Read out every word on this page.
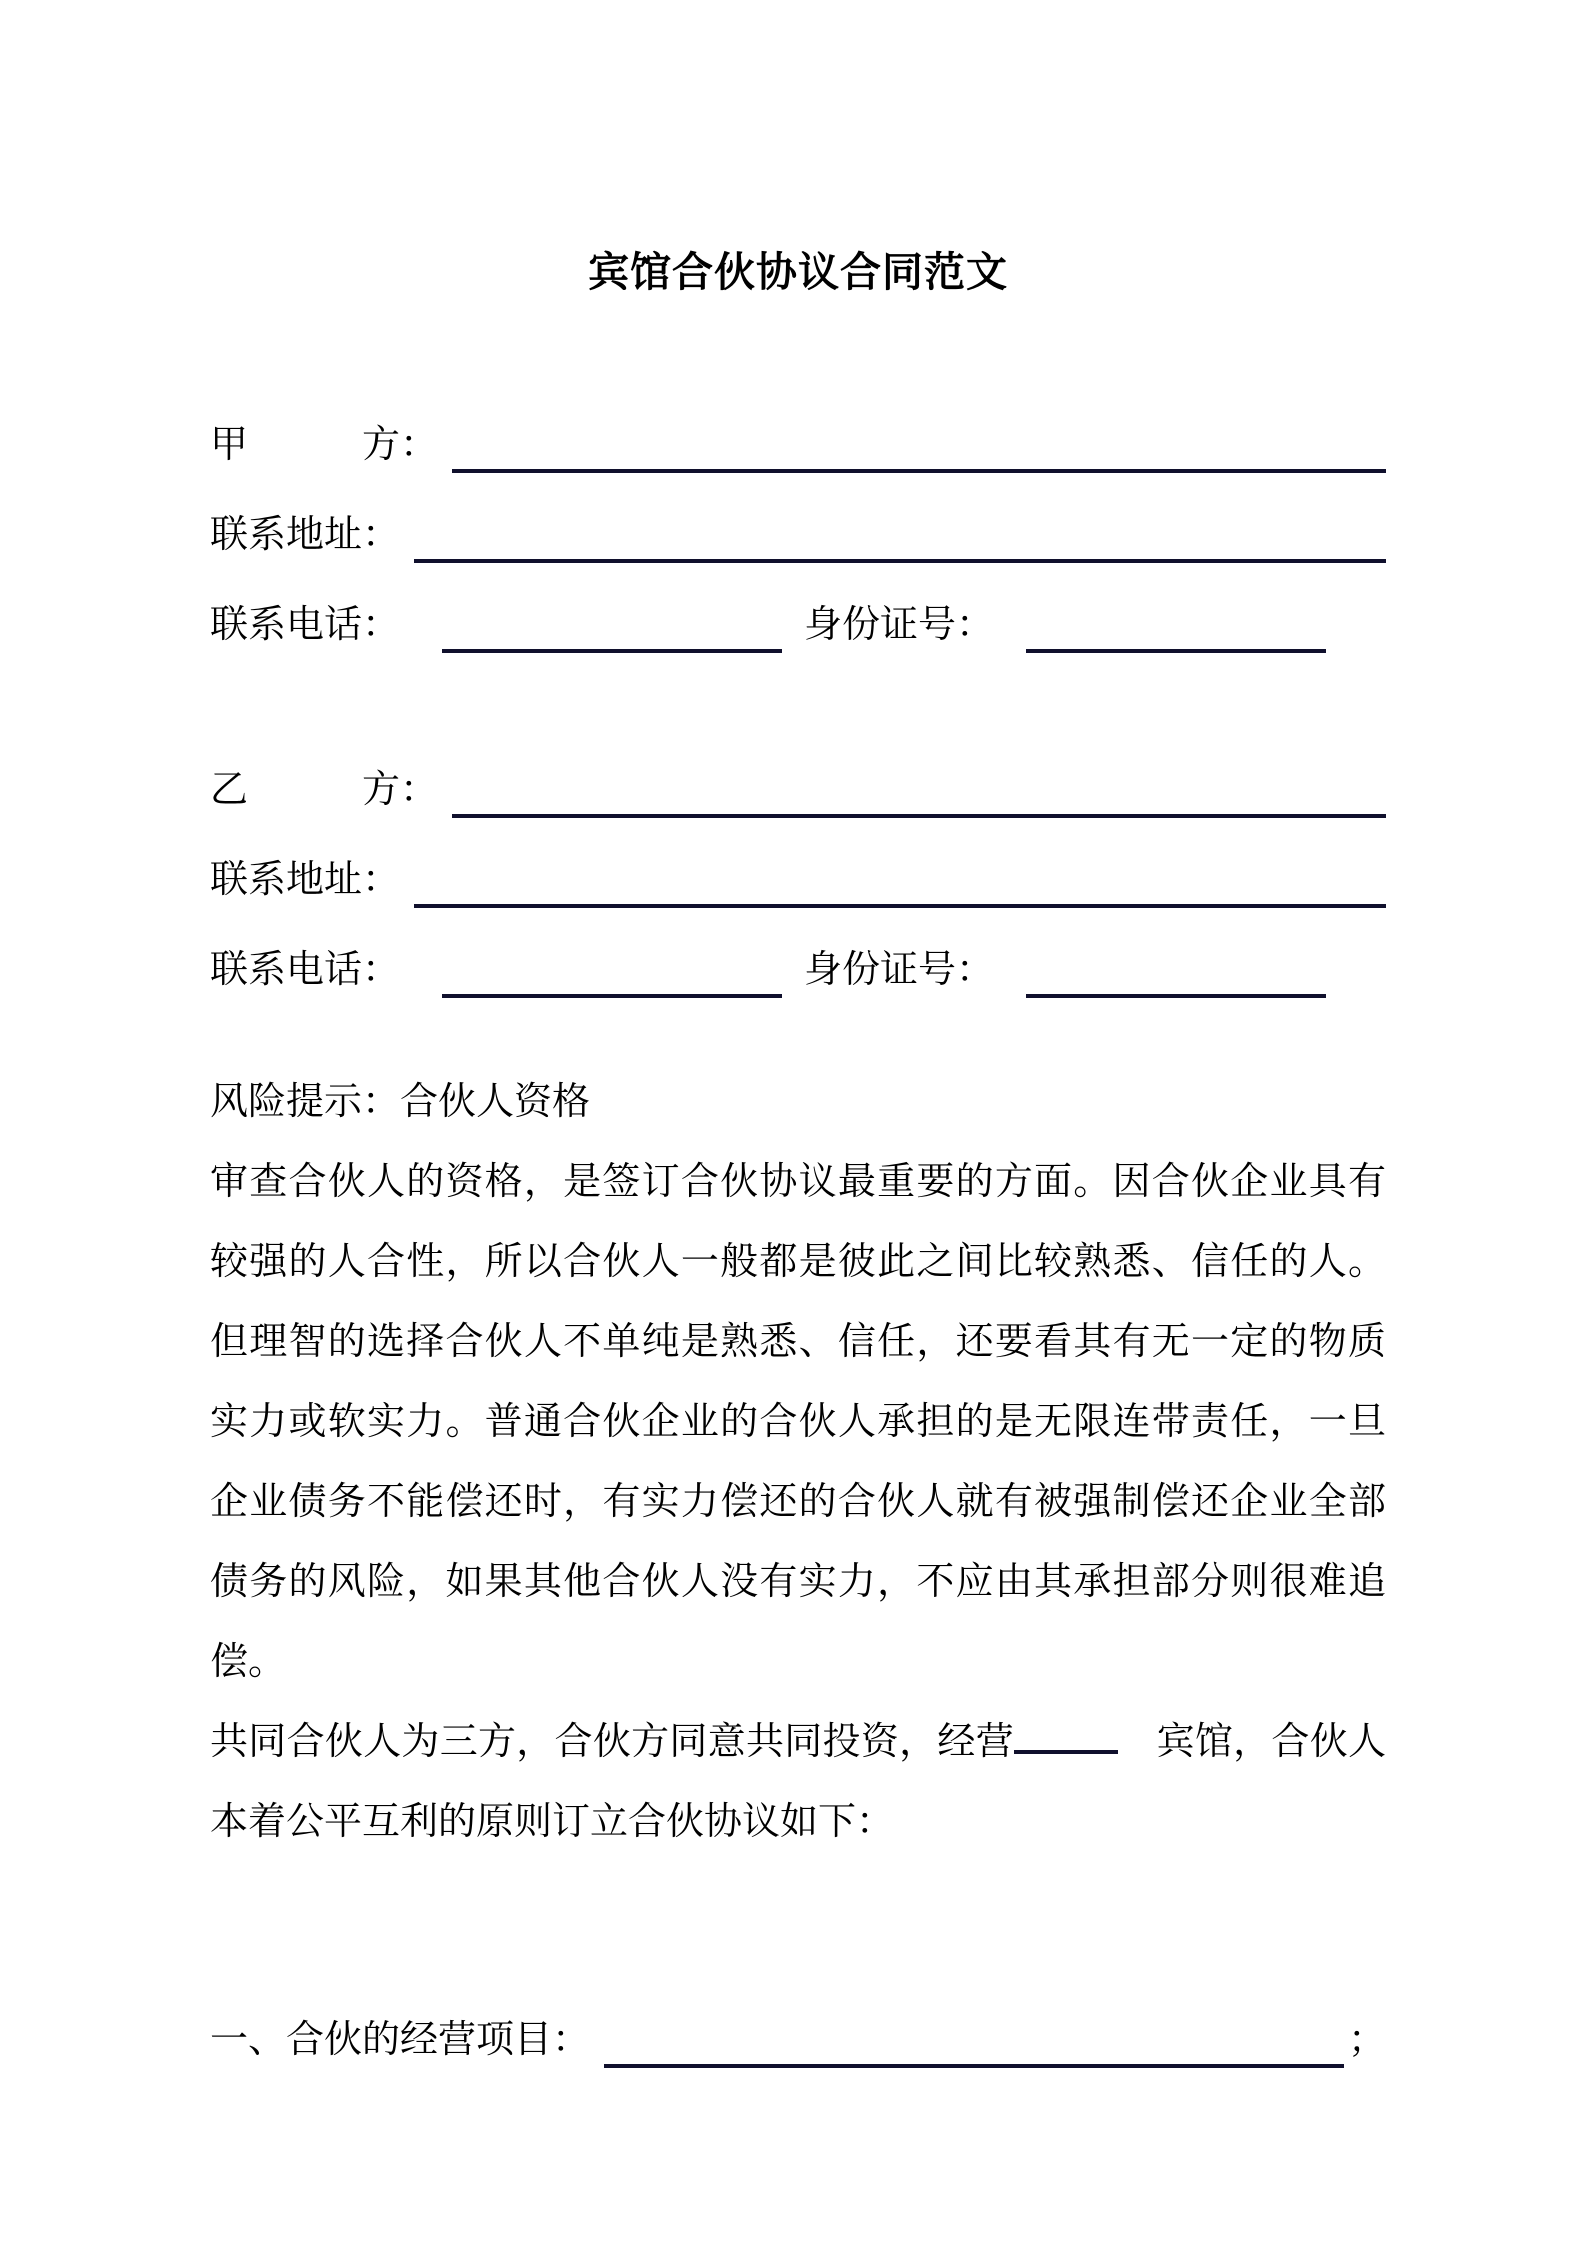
宾馆合伙协议合同范文
甲　　　方：
联系地址：
联系电话：	身份证号：
乙　　　方：
联系地址：
联系电话：	身份证号：

风险提示：合伙人资格

审查合伙人的资格，是签订合伙协议最重要的方面。因合伙企业具有较强的人合性，所以合伙人一般都是彼此之间比较熟悉、信任的人。但理智的选择合伙人不单纯是熟悉、信任，还要看其有无一定的物质实力或软实力。普通合伙企业的合伙人承担的是无限连带责任，一旦企业债务不能偿还时，有实力偿还的合伙人就有被强制偿还企业全部债务的风险，如果其他合伙人没有实力，不应由其承担部分则很难追偿。

共同合伙人为三方，合伙方同意共同投资，经营	　宾馆，合伙人本着公平互利的原则订立合伙协议如下：

一、合伙的经营项目：	；
